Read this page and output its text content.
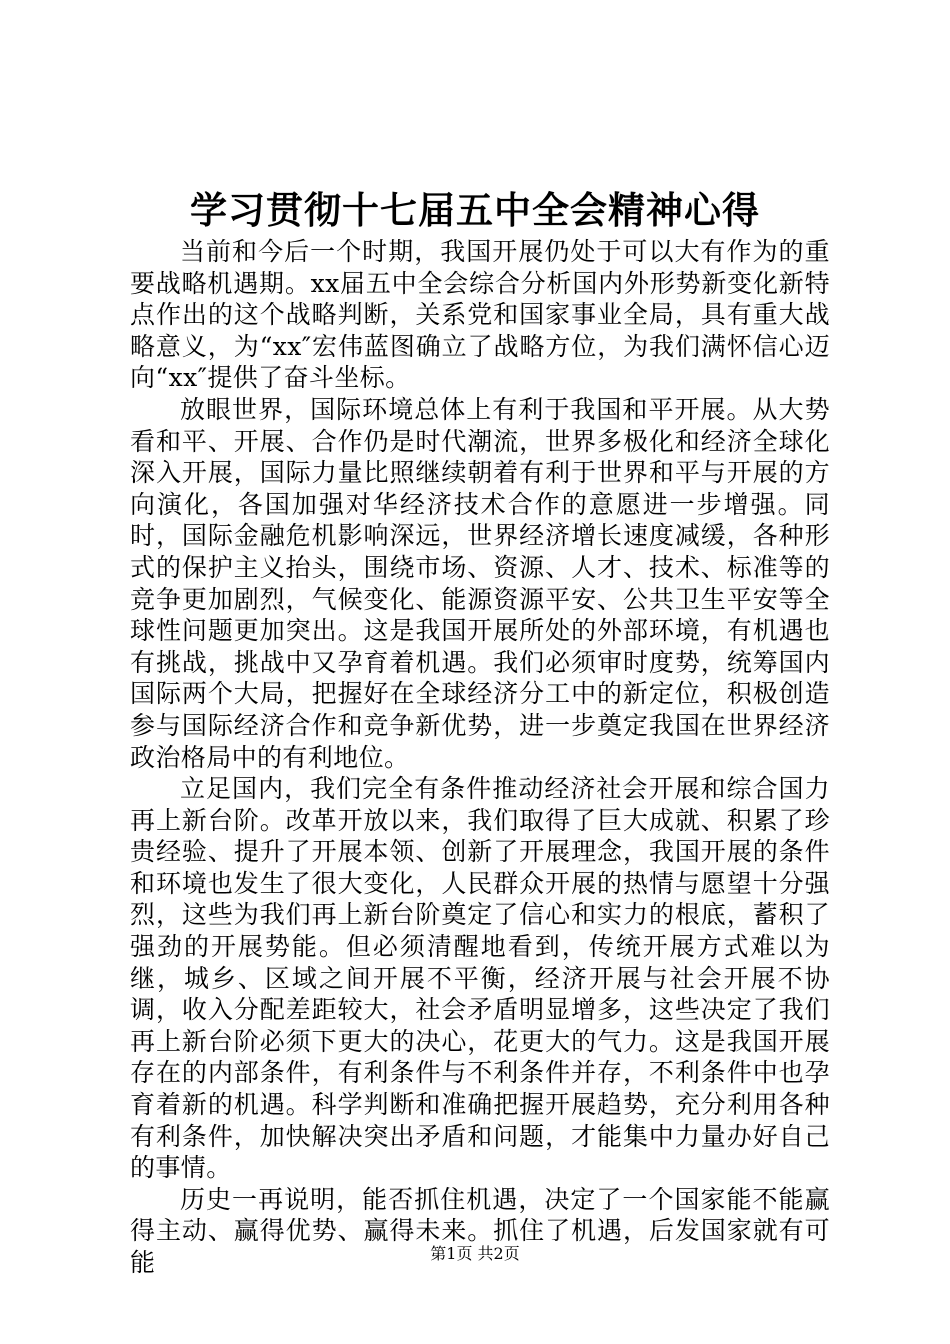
学习贯彻十七届五中全会精神心得

当前和今后一个时期，我国开展仍处于可以大有作为的重要战略机遇期。xx届五中全会综合分析国内外形势新变化新特点作出的这个战略判断，关系党和国家事业全局，具有重大战略意义，为“xx″宏伟蓝图确立了战略方位，为我们满怀信心迈向“xx″提供了奋斗坐标。

放眼世界，国际环境总体上有利于我国和平开展。从大势看和平、开展、合作仍是时代潮流，世界多极化和经济全球化深入开展，国际力量比照继续朝着有利于世界和平与开展的方向演化，各国加强对华经济技术合作的意愿进一步增强。同时，国际金融危机影响深远，世界经济增长速度减缓，各种形式的保护主义抬头，围绕市场、资源、人才、技术、标准等的竞争更加剧烈，气候变化、能源资源平安、公共卫生平安等全球性问题更加突出。这是我国开展所处的外部环境，有机遇也有挑战，挑战中又孕育着机遇。我们必须审时度势，统筹国内国际两个大局，把握好在全球经济分工中的新定位，积极创造参与国际经济合作和竞争新优势，进一步奠定我国在世界经济政治格局中的有利地位。

立足国内，我们完全有条件推动经济社会开展和综合国力再上新台阶。改革开放以来，我们取得了巨大成就、积累了珍贵经验、提升了开展本领、创新了开展理念，我国开展的条件和环境也发生了很大变化，人民群众开展的热情与愿望十分强烈，这些为我们再上新台阶奠定了信心和实力的根底，蓄积了强劲的开展势能。但必须清醒地看到，传统开展方式难以为继，城乡、区域之间开展不平衡，经济开展与社会开展不协调，收入分配差距较大，社会矛盾明显增多，这些决定了我们再上新台阶必须下更大的决心，花更大的气力。这是我国开展存在的内部条件，有利条件与不利条件并存，不利条件中也孕育着新的机遇。科学判断和准确把握开展趋势，充分利用各种有利条件，加快解决突出矛盾和问题，才能集中力量办好自己的事情。

历史一再说明，能否抓住机遇，决定了一个国家能不能赢得主动、赢得优势、赢得未来。抓住了机遇，后发国家就有可能	第1页 共2页
